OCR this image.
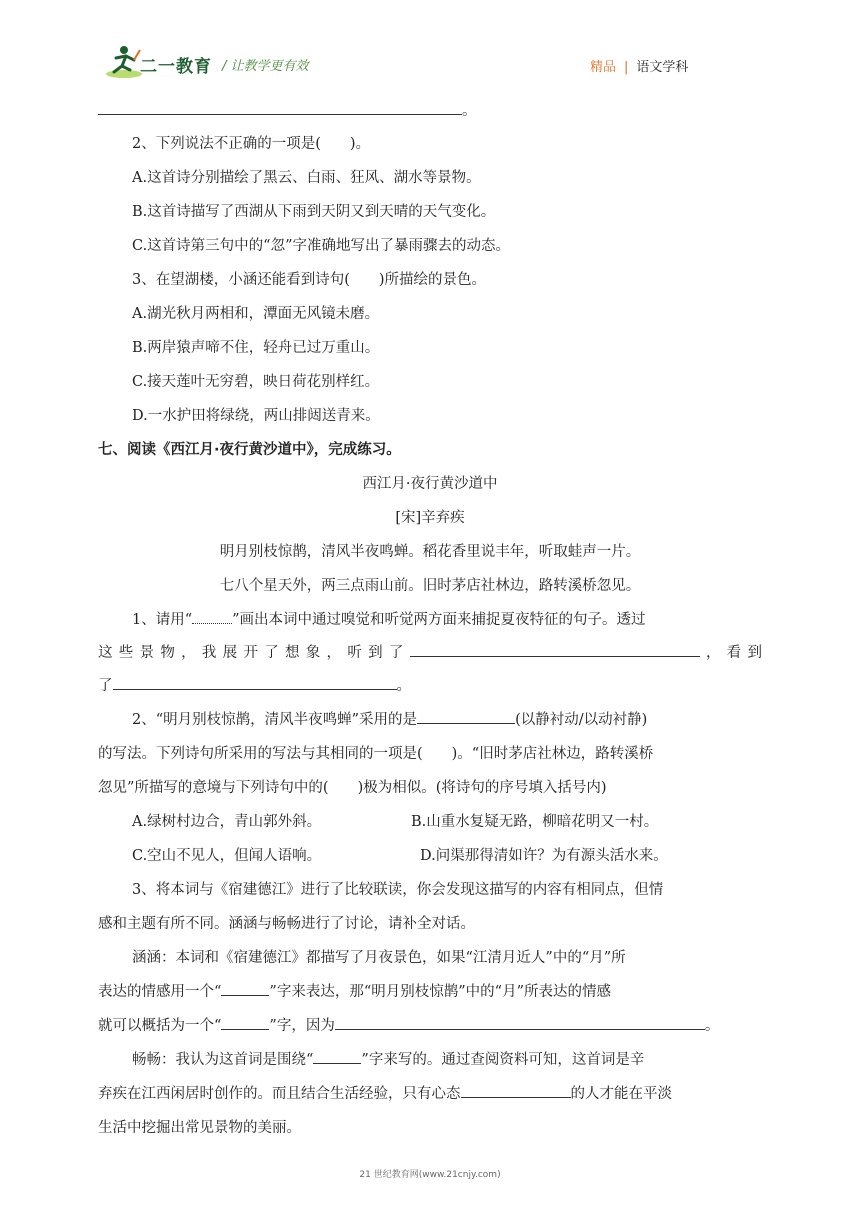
二一教育 / 让教学更有效	精品 | 语文学科
。
2、下列说法不正确的一项是(　　)。
A.这首诗分别描绘了黑云、白雨、狂风、湖水等景物。
B.这首诗描写了西湖从下雨到天阴又到天晴的天气变化。
C.这首诗第三句中的“忽”字准确地写出了暴雨骤去的动态。
3、在望湖楼，小涵还能看到诗句(　　)所描绘的景色。
A.湖光秋月两相和，潭面无风镜未磨。
B.两岸猿声啼不住，轻舟已过万重山。
C.接天莲叶无穷碧，映日荷花别样红。
D.一水护田将绿绕，两山排闼送青来。
七、阅读《西江月·夜行黄沙道中》，完成练习。
西江月·夜行黄沙道中
[宋]辛弃疾
明月别枝惊鹊，清风半夜鸣蝉。稻花香里说丰年，听取蛙声一片。
七八个星天外，两三点雨山前。旧时茅店社林边，路转溪桥忽见。
1、请用“	”画出本词中通过嗅觉和听觉两方面来捕捉夏夜特征的句子。透过
这些景物，我展开了想象，听到了	，看到
了	。
2、“明月别枝惊鹊，清风半夜鸣蝉”采用的是	(以静衬动/以动衬静)
的写法。下列诗句所采用的写法与其相同的一项是(　　)。“旧时茅店社林边，路转溪桥
忽见”所描写的意境与下列诗句中的(　　)极为相似。(将诗句的序号填入括号内)
A.绿树村边合，青山郭外斜。	B.山重水复疑无路，柳暗花明又一村。
C.空山不见人，但闻人语响。	D.问渠那得清如许？为有源头活水来。
3、将本词与《宿建德江》进行了比较联读，你会发现这描写的内容有相同点，但情
感和主题有所不同。涵涵与畅畅进行了讨论，请补全对话。
涵涵：本词和《宿建德江》都描写了月夜景色，如果“江清月近人”中的“月”所
表达的情感用一个“	”字来表达，那“明月别枝惊鹊”中的“月”所表达的情感
就可以概括为一个“	”字，因为	。
畅畅：我认为这首词是围绕“	”字来写的。通过查阅资料可知，这首词是辛
弃疾在江西闲居时创作的。而且结合生活经验，只有心态	的人才能在平淡
生活中挖掘出常见景物的美丽。
21 世纪教育网(www.21cnjy.com)
